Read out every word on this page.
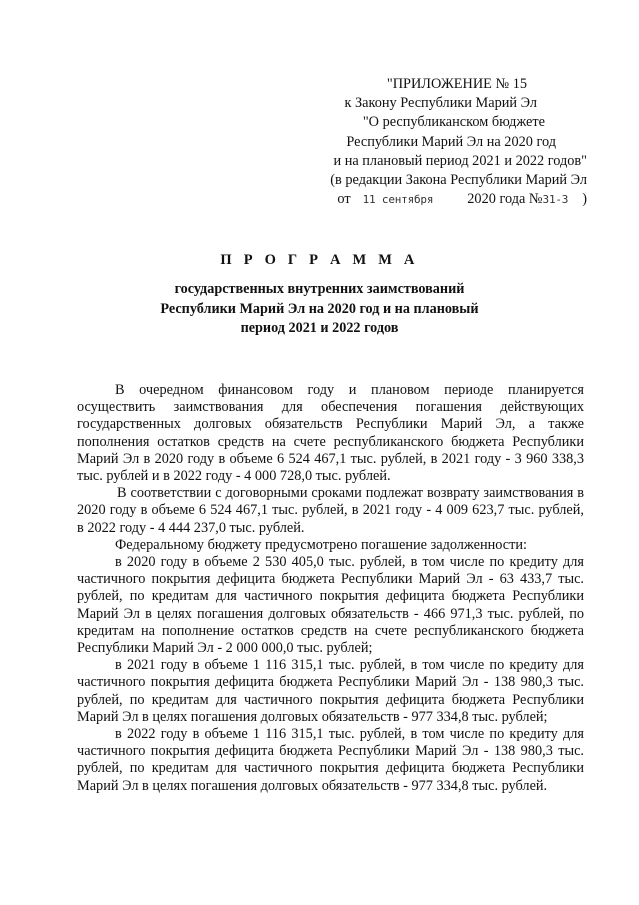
"ПРИЛОЖЕНИЕ № 15
к Закону Республики Марий Эл
"О республиканском бюджете
Республики Марий Эл на 2020 год
и на плановый период 2021 и 2022 годов"
(в редакции Закона Республики Марий Эл
от 11 сентября 2020 года №31-3 )
П Р О Г Р А М М А
государственных внутренних заимствований
Республики Марий Эл на 2020 год и на плановый
период 2021 и 2022 годов

В очередном финансовом году и плановом периоде планируется осуществить заимствования для обеспечения погашения действующих государственных долговых обязательств Республики Марий Эл, а также пополнения остатков средств на счете республиканского бюджета Республики Марий Эл в 2020 году в объеме 6 524 467,1 тыс. рублей, в 2021 году - 3 960 338,3 тыс. рублей и в 2022 году - 4 000 728,0 тыс. рублей.

В соответствии с договорными сроками подлежат возврату заимствования в 2020 году в объеме 6 524 467,1 тыс. рублей, в 2021 году - 4 009 623,7 тыс. рублей, в 2022 году - 4 444 237,0 тыс. рублей.

Федеральному бюджету предусмотрено погашение задолженности:

в 2020 году в объеме 2 530 405,0 тыс. рублей, в том числе по кредиту для частичного покрытия дефицита бюджета Республики Марий Эл - 63 433,7 тыс. рублей, по кредитам для частичного покрытия дефицита бюджета Республики Марий Эл в целях погашения долговых обязательств - 466 971,3 тыс. рублей, по кредитам на пополнение остатков средств на счете республиканского бюджета Республики Марий Эл - 2 000 000,0 тыс. рублей;

в 2021 году в объеме 1 116 315,1 тыс. рублей, в том числе по кредиту для частичного покрытия дефицита бюджета Республики Марий Эл - 138 980,3 тыс. рублей, по кредитам для частичного покрытия дефицита бюджета Республики Марий Эл в целях погашения долговых обязательств - 977 334,8 тыс. рублей;

в 2022 году в объеме 1 116 315,1 тыс. рублей, в том числе по кредиту для частичного покрытия дефицита бюджета Республики Марий Эл - 138 980,3 тыс. рублей, по кредитам для частичного покрытия дефицита бюджета Республики Марий Эл в целях погашения долговых обязательств - 977 334,8 тыс. рублей.
